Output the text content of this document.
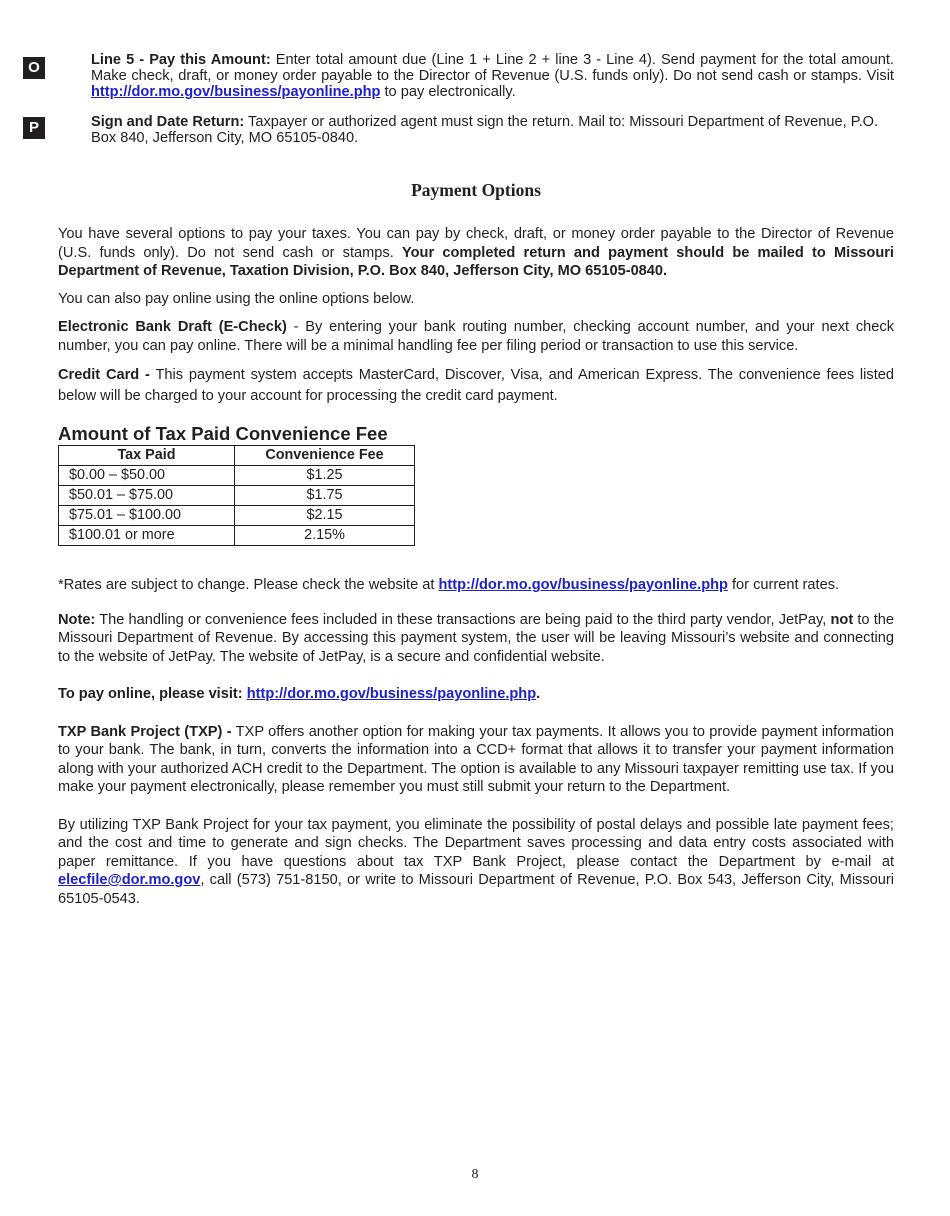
O	Line 5 - Pay this Amount: Enter total amount due (Line 1 + Line 2 + line 3 - Line 4). Send payment for the total amount. Make check, draft, or money order payable to the Director of Revenue (U.S. funds only). Do not send cash or stamps. Visit http://dor.mo.gov/business/payonline.php to pay electronically.
P	Sign and Date Return: Taxpayer or authorized agent must sign the return. Mail to: Missouri Department of Revenue, P.O. Box 840, Jefferson City, MO 65105-0840.
Payment Options

You have several options to pay your taxes. You can pay by check, draft, or money order payable to the Director of Revenue (U.S. funds only). Do not send cash or stamps. Your completed return and payment should be mailed to Missouri Department of Revenue, Taxation Division, P.O. Box 840, Jefferson City, MO 65105-0840.

You can also pay online using the online options below.

Electronic Bank Draft (E-Check) - By entering your bank routing number, checking account number, and your next check number, you can pay online. There will be a minimal handling fee per filing period or transaction to use this service.

Credit Card - This payment system accepts MasterCard, Discover, Visa, and American Express. The convenience fees listed below will be charged to your account for processing the credit card payment.

Amount of Tax Paid Convenience Fee
Tax Paid	Convenience Fee
$0.00 – $50.00	$1.25
$50.01 – $75.00	$1.75
$75.01 – $100.00	$2.15
$100.01 or more	2.15%

*Rates are subject to change. Please check the website at http://dor.mo.gov/business/payonline.php for current rates.

Note: The handling or convenience fees included in these transactions are being paid to the third party vendor, JetPay, not to the Missouri Department of Revenue. By accessing this payment system, the user will be leaving Missouri’s website and connecting to the website of JetPay. The website of JetPay, is a secure and confidential website.

To pay online, please visit: http://dor.mo.gov/business/payonline.php.

TXP Bank Project (TXP) - TXP offers another option for making your tax payments. It allows you to provide payment information to your bank. The bank, in turn, converts the information into a CCD+ format that allows it to transfer your payment information along with your authorized ACH credit to the Department. The option is available to any Missouri taxpayer remitting use tax. If you make your payment electronically, please remember you must still submit your return to the Department.

By utilizing TXP Bank Project for your tax payment, you eliminate the possibility of postal delays and possible late payment fees; and the cost and time to generate and sign checks. The Department saves processing and data entry costs associated with paper remittance. If you have questions about tax TXP Bank Project, please contact the Department by e-mail at elecfile@dor.mo.gov, call (573) 751-8150, or write to Missouri Department of Revenue, P.O. Box 543, Jefferson City, Missouri 65105-0543.

8
